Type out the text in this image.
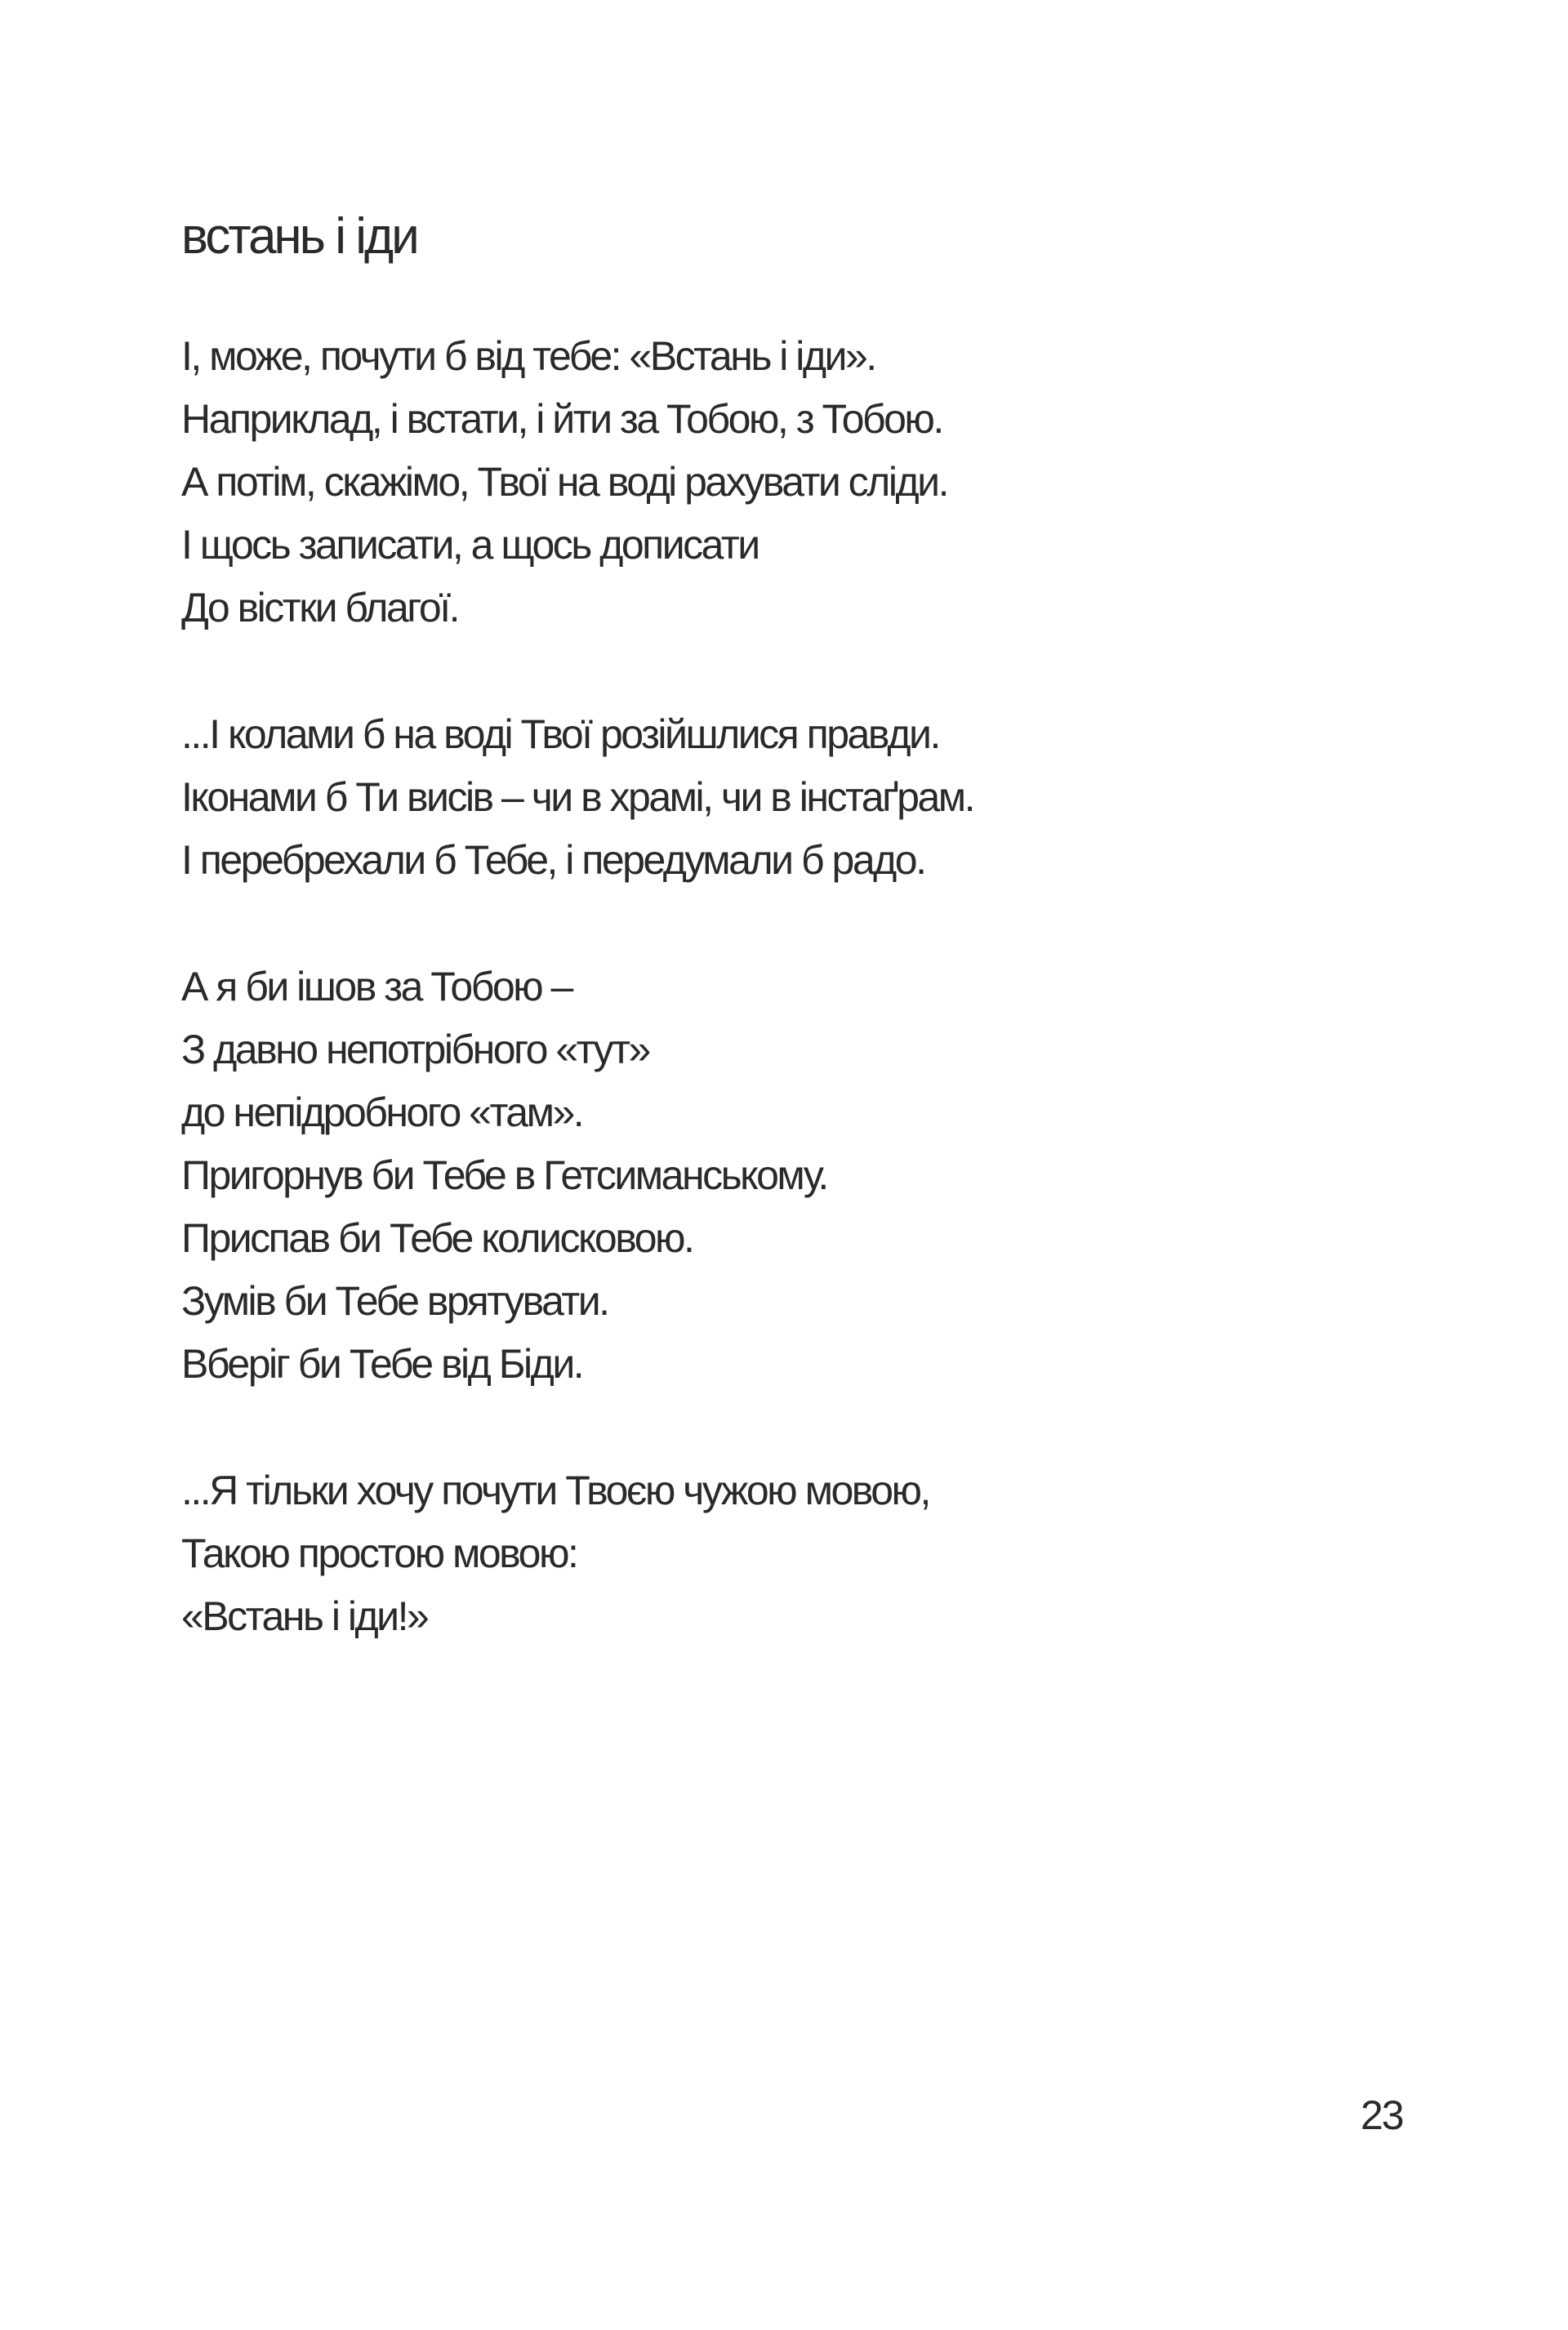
встань і іди
І, може, почути б від тебе: «Встань і іди».
Наприклад, і встати, і йти за Тобою, з Тобою.
А потім, скажімо, Твої на воді рахувати сліди.
І щось записати, а щось дописати
До вістки благої.
...І колами б на воді Твої розійшлися правди.
Іконами б Ти висів – чи в храмі, чи в інстаґрам.
І перебрехали б Тебе, і передумали б радо.
А я би ішов за Тобою –
З давно непотрібного «тут»
до непідробного «там».
Пригорнув би Тебе в Гетсиманському.
Приспав би Тебе колисковою.
Зумів би Тебе врятувати.
Вберіг би Тебе від Біди.
...Я тільки хочу почути Твоєю чужою мовою,
Такою простою мовою:
«Встань і іди!»
23
